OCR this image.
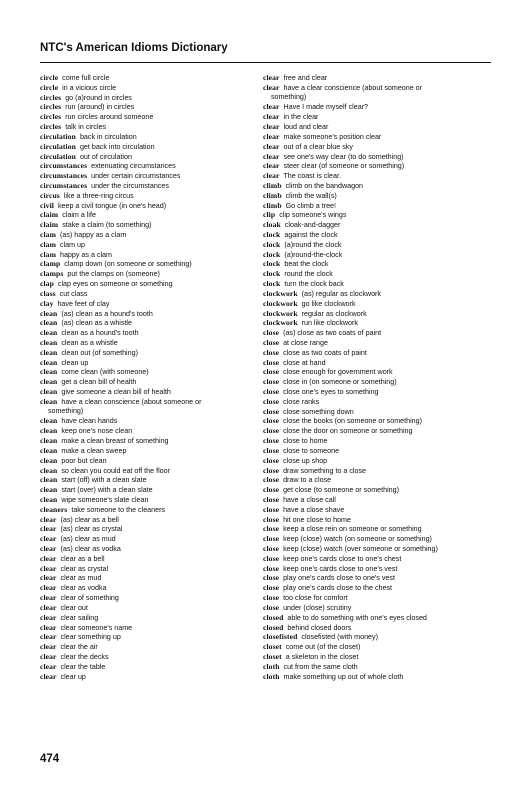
NTC's American Idioms Dictionary
circle come full circle
circle in a vicious circle
circles go (a)round in circles
circles run (around) in circles
circles run circles around someone
circles talk in circles
circulation back in circulation
circulation get back into circulation
circulation out of circulation
circumstances extenuating circumstances
circumstances under certain circumstances
circumstances under the circumstances
circus like a three-ring circus
civil keep a civil tongue (in one's head)
claim claim a life
claim stake a claim (to something)
clam (as) happy as a clam
clam clam up
clam happy as a clam
clamp clamp down (on someone or something)
clamps put the clamps on (someone)
clap clap eyes on someone or something
class cut class
clay have feet of clay
clean (as) clean as a hound's tooth
clean (as) clean as a whistle
clean clean as a hound's tooth
clean clean as a whistle
clean clean out (of something)
clean clean up
clean come clean (with someone)
clean get a clean bill of health
clean give someone a clean bill of health
clean have a clean conscience (about someone or
something)
clean have clean hands
clean keep one's nose clean
clean make a clean breast of something
clean make a clean sweep
clean poor but clean
clean so clean you could eat off the floor
clean start (off) with a clean slate
clean start (over) with a clean slate
clean wipe someone's slate clean
cleaners take someone to the cleaners
clear (as) clear as a bell
clear (as) clear as crystal
clear (as) clear as mud
clear (as) clear as vodka
clear clear as a bell
clear clear as crystal
clear clear as mud
clear clear as vodka
clear clear of something
clear clear out
clear clear sailing
clear clear someone's name
clear clear something up
clear clear the air
clear clear the decks
clear clear the table
clear clear up
clear free and clear
clear have a clear conscience (about someone or
something)
clear Have I made myself clear?
clear in the clear
clear loud and clear
clear make someone's position clear
clear out of a clear blue sky
clear see one's way clear (to do something)
clear steer clear (of someone or something)
clear The coast is clear.
climb climb on the bandwagon
climb climb the wall(s)
climb Go climb a tree!
clip clip someone's wings
cloak cloak-and-dagger
clock against the clock
clock (a)round the clock
clock (a)round-the-clock
clock beat the clock
clock round the clock
clock turn the clock back
clockwork (as) regular as clockwork
clockwork go like clockwork
clockwork regular as clockwork
clockwork run like clockwork
close (as) close as two coats of paint
close at close range
close close as two coats of paint
close close at hand
close close enough for government work
close close in (on someone or something)
close close one's eyes to something
close close ranks
close close something down
close close the books (on someone or something)
close close the door on someone or something
close close to home
close close to someone
close close up shop
close draw something to a close
close draw to a close
close get close (to someone or something)
close have a close call
close have a close shave
close hit one close to home
close keep a close rein on someone or something
close keep (close) watch (on someone or something)
close keep (close) watch (over someone or something)
close keep one's cards close to one's chest
close keep one's cards close to one's vest
close play one's cards close to one's vest
close play one's cards close to the chest
close too close for comfort
close under (close) scrutiny
closed able to do something with one's eyes closed
closed behind closed doors
closefisted closefisted (with money)
closet come out (of the closet)
closet a skeleton in the closet
cloth cut from the same cloth
cloth make something up out of whole cloth
474
